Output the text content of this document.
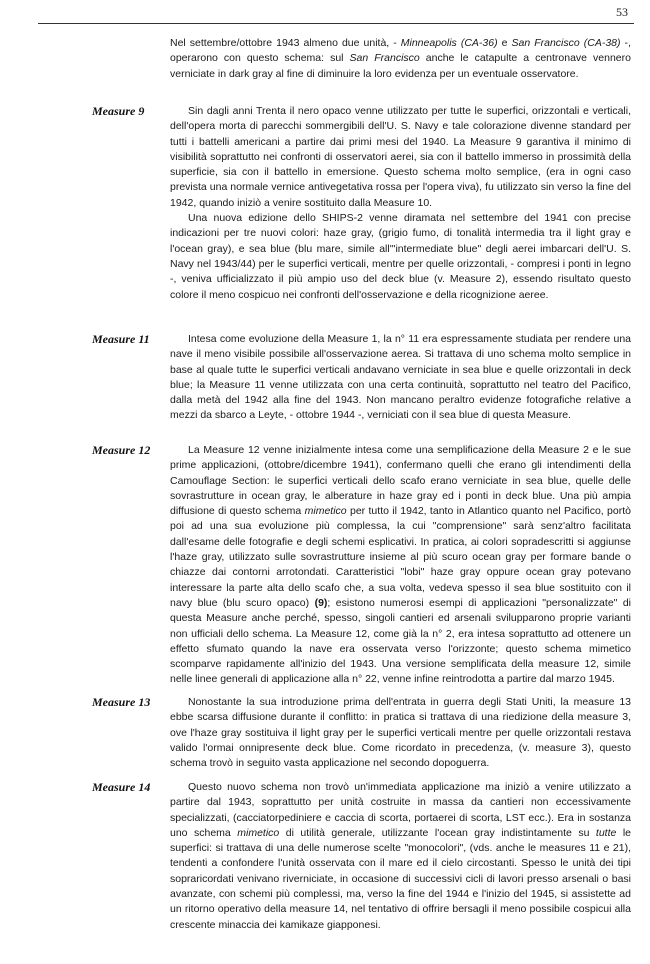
53

Nel settembre/ottobre 1943 almeno due unità, - Minneapolis (CA-36) e San Francisco (CA-38) -, operarono con questo schema: sul San Francisco anche le catapulte a centronave vennero verniciate in dark gray al fine di diminuire la loro evidenza per un eventuale osservatore.

Measure 9	Sin dagli anni Trenta il nero opaco venne utilizzato per tutte le superfici, orizzontali e verticali, dell'opera morta di parecchi sommergibili dell'U. S. Navy e tale colorazione divenne standard per tutti i battelli americani a partire dai primi mesi del 1940. La Measure 9 garantiva il minimo di visibilità soprattutto nei confronti di osservatori aerei, sia con il battello immerso in prossimità della superficie, sia con il battello in emersione. Questo schema molto semplice, (era in ogni caso prevista una normale vernice antivegetativa rossa per l'opera viva), fu utilizzato sin verso la fine del 1942, quando iniziò a venire sostituito dalla Measure 10.

Una nuova edizione dello SHIPS-2 venne diramata nel settembre del 1941 con precise indicazioni per tre nuovi colori: haze gray, (grigio fumo, di tonalità intermedia tra il light gray e l'ocean gray), e sea blue (blu mare, simile all'"intermediate blue" degli aerei imbarcari dell'U. S. Navy nel 1943/44) per le superfici verticali, mentre per quelle orizzontali, - compresi i ponti in legno -, veniva ufficializzato il più ampio uso del deck blue (v. Measure 2), essendo risultato questo colore il meno cospicuo nei confronti dell'osservazione e della ricognizione aeree.

Measure 11	Intesa come evoluzione della Measure 1, la n° 11 era espressamente studiata per rendere una nave il meno visibile possibile all'osservazione aerea. Si trattava di uno schema molto semplice in base al quale tutte le superfici verticali andavano verniciate in sea blue e quelle orizzontali in deck blue; la Measure 11 venne utilizzata con una certa continuità, soprattutto nel teatro del Pacifico, dalla metà del 1942 alla fine del 1943. Non mancano peraltro evidenze fotografiche relative a mezzi da sbarco a Leyte, - ottobre 1944 -, verniciati con il sea blue di questa Measure.

Measure 12	La Measure 12 venne inizialmente intesa come una semplificazione della Measure 2 e le sue prime applicazioni, (ottobre/dicembre 1941), confermano quelli che erano gli intendimenti della Camouflage Section: le superfici verticali dello scafo erano verniciate in sea blue, quelle delle sovrastrutture in ocean gray, le alberature in haze gray ed i ponti in deck blue. Una più ampia diffusione di questo schema mimetico per tutto il 1942, tanto in Atlantico quanto nel Pacifico, portò poi ad una sua evoluzione più complessa, la cui "comprensione" sarà senz'altro facilitata dall'esame delle fotografie e degli schemi esplicativi. In pratica, ai colori sopradescritti si aggiunse l'haze gray, utilizzato sulle sovrastrutture insieme al più scuro ocean gray per formare bande o chiazze dai contorni arrotondati. Caratteristici "lobi" haze gray oppure ocean gray potevano interessare la parte alta dello scafo che, a sua volta, vedeva spesso il sea blue sostituito con il navy blue (blu scuro opaco) (9); esistono numerosi esempi di applicazioni "personalizzate" di questa Measure anche perché, spesso, singoli cantieri ed arsenali svilupparono proprie varianti non ufficiali dello schema. La Measure 12, come già la n° 2, era intesa soprattutto ad ottenere un effetto sfumato quando la nave era osservata verso l'orizzonte; questo schema mimetico scomparve rapidamente all'inizio del 1943. Una versione semplificata della measure 12, simile nelle linee generali di applicazione alla n° 22, venne infine reintrodotta a partire dal marzo 1945.

Measure 13	Nonostante la sua introduzione prima dell'entrata in guerra degli Stati Uniti, la measure 13 ebbe scarsa diffusione durante il conflitto: in pratica si trattava di una riedizione della measure 3, ove l'haze gray sostituiva il light gray per le superfici verticali mentre per quelle orizzontali restava valido l'ormai onnipresente deck blue. Come ricordato in precedenza, (v. measure 3), questo schema trovò in seguito vasta applicazione nel secondo dopoguerra.

Measure 14	Questo nuovo schema non trovò un'immediata applicazione ma iniziò a venire utilizzato a partire dal 1943, soprattutto per unità costruite in massa da cantieri non eccessivamente specializzati, (cacciatorpediniere e caccia di scorta, portaerei di scorta, LST ecc.). Era in sostanza uno schema mimetico di utilità generale, utilizzante l'ocean gray indistintamente su tutte le superfici: si trattava di una delle numerose scelte "monocolori", (vds. anche le measures 11 e 21), tendenti a confondere l'unità osservata con il mare ed il cielo circostanti. Spesso le unità dei tipi sopraricordati venivano riverniciate, in occasione di successivi cicli di lavori presso arsenali o basi avanzate, con schemi più complessi, ma, verso la fine del 1944 e l'inizio del 1945, si assistette ad un ritorno operativo della measure 14, nel tentativo di offrire bersagli il meno possibile cospicui alla crescente minaccia dei kamikaze giapponesi.
